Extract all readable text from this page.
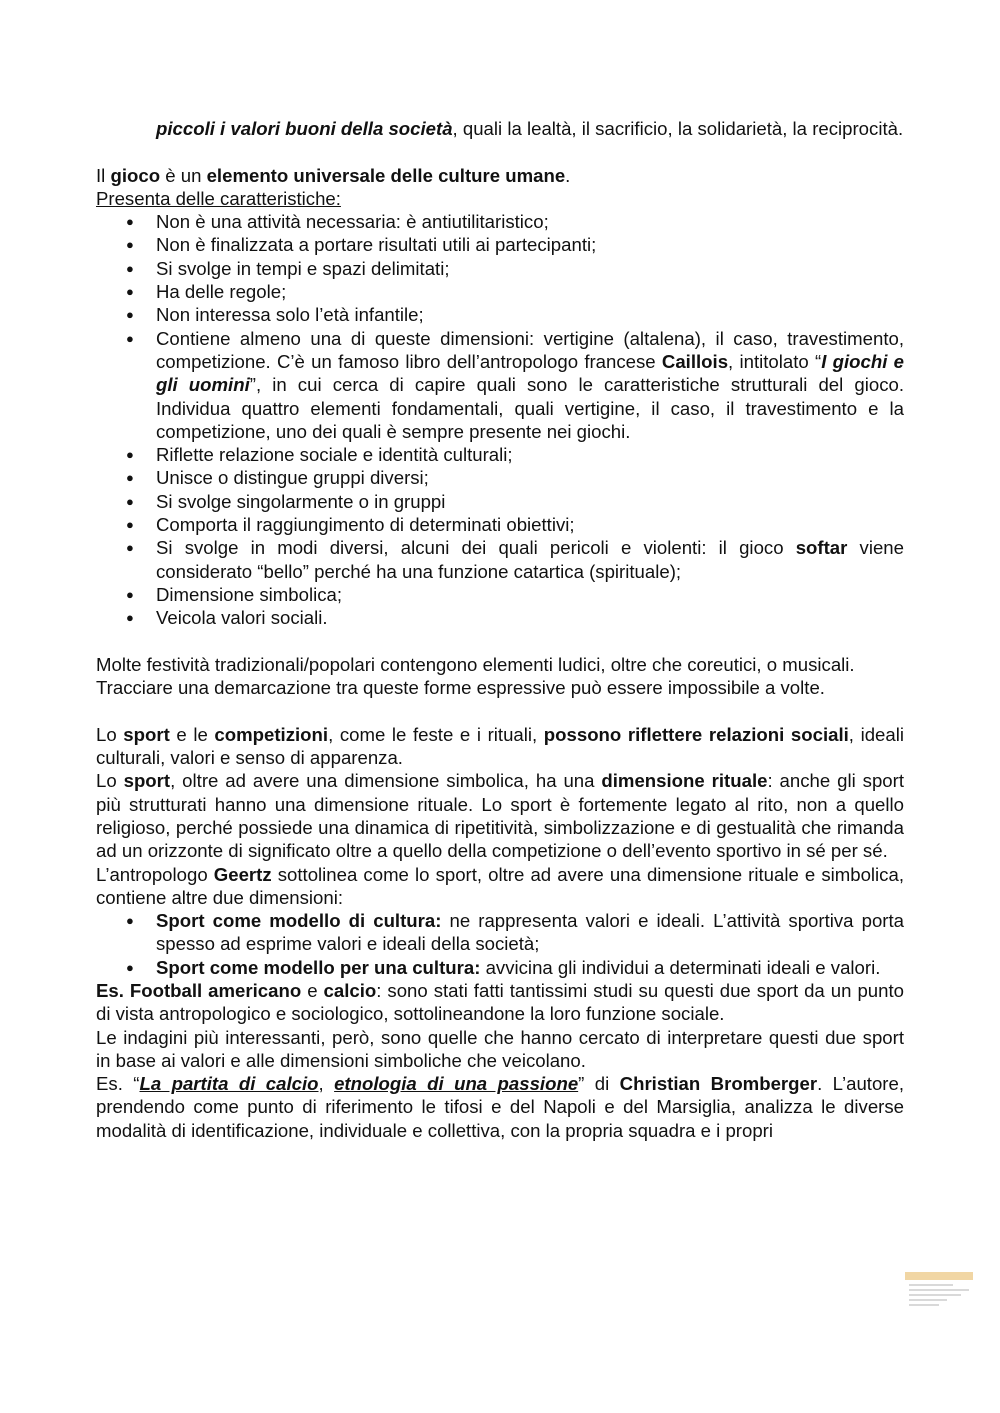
piccoli i valori buoni della società, quali la lealtà, il sacrificio, la solidarietà, la reciprocità.

Il gioco è un elemento universale delle culture umane.

Presenta delle caratteristiche:

● Non è una attività necessaria: è antiutilitaristico;
● Non è finalizzata a portare risultati utili ai partecipanti;
● Si svolge in tempi e spazi delimitati;
● Ha delle regole;
● Non interessa solo l’età infantile;
● Contiene almeno una di queste dimensioni: vertigine (altalena), il caso, travestimento, competizione. C’è un famoso libro dell’antropologo francese Caillois, intitolato “I giochi e gli uomini”, in cui cerca di capire quali sono le caratteristiche strutturali del gioco. Individua quattro elementi fondamentali, quali vertigine, il caso, il travestimento e la competizione, uno dei quali è sempre presente nei giochi.
● Riflette relazione sociale e identità culturali;
● Unisce o distingue gruppi diversi;
● Si svolge singolarmente o in gruppi
● Comporta il raggiungimento di determinati obiettivi;
● Si svolge in modi diversi, alcuni dei quali pericoli e violenti: il gioco softar viene considerato “bello” perché ha una funzione catartica (spirituale);
● Dimensione simbolica;
● Veicola valori sociali.

Molte festività tradizionali/popolari contengono elementi ludici, oltre che coreutici, o musicali.

Tracciare una demarcazione tra queste forme espressive può essere impossibile a volte.

Lo sport e le competizioni, come le feste e i rituali, possono riflettere relazioni sociali, ideali culturali, valori e senso di apparenza.

Lo sport, oltre ad avere una dimensione simbolica, ha una dimensione rituale: anche gli sport più strutturati hanno una dimensione rituale. Lo sport è fortemente legato al rito, non a quello religioso, perché possiede una dinamica di ripetitività, simbolizzazione e di gestualità che rimanda ad un orizzonte di significato oltre a quello della competizione o dell’evento sportivo in sé per sé.

L’antropologo Geertz sottolinea come lo sport, oltre ad avere una dimensione rituale e simbolica, contiene altre due dimensioni:

● Sport come modello di cultura: ne rappresenta valori e ideali. L’attività sportiva porta spesso ad esprime valori e ideali della società;
● Sport come modello per una cultura: avvicina gli individui a determinati ideali e valori.

Es. Football americano e calcio: sono stati fatti tantissimi studi su questi due sport da un punto di vista antropologico e sociologico, sottolineandone la loro funzione sociale.

Le indagini più interessanti, però, sono quelle che hanno cercato di interpretare questi due sport in base ai valori e alle dimensioni simboliche che veicolano.

Es. “La partita di calcio, etnologia di una passione” di Christian Bromberger. L’autore, prendendo come punto di riferimento le tifosi e del Napoli e del Marsiglia, analizza le diverse modalità di identificazione, individuale e collettiva, con la propria squadra e i propri
